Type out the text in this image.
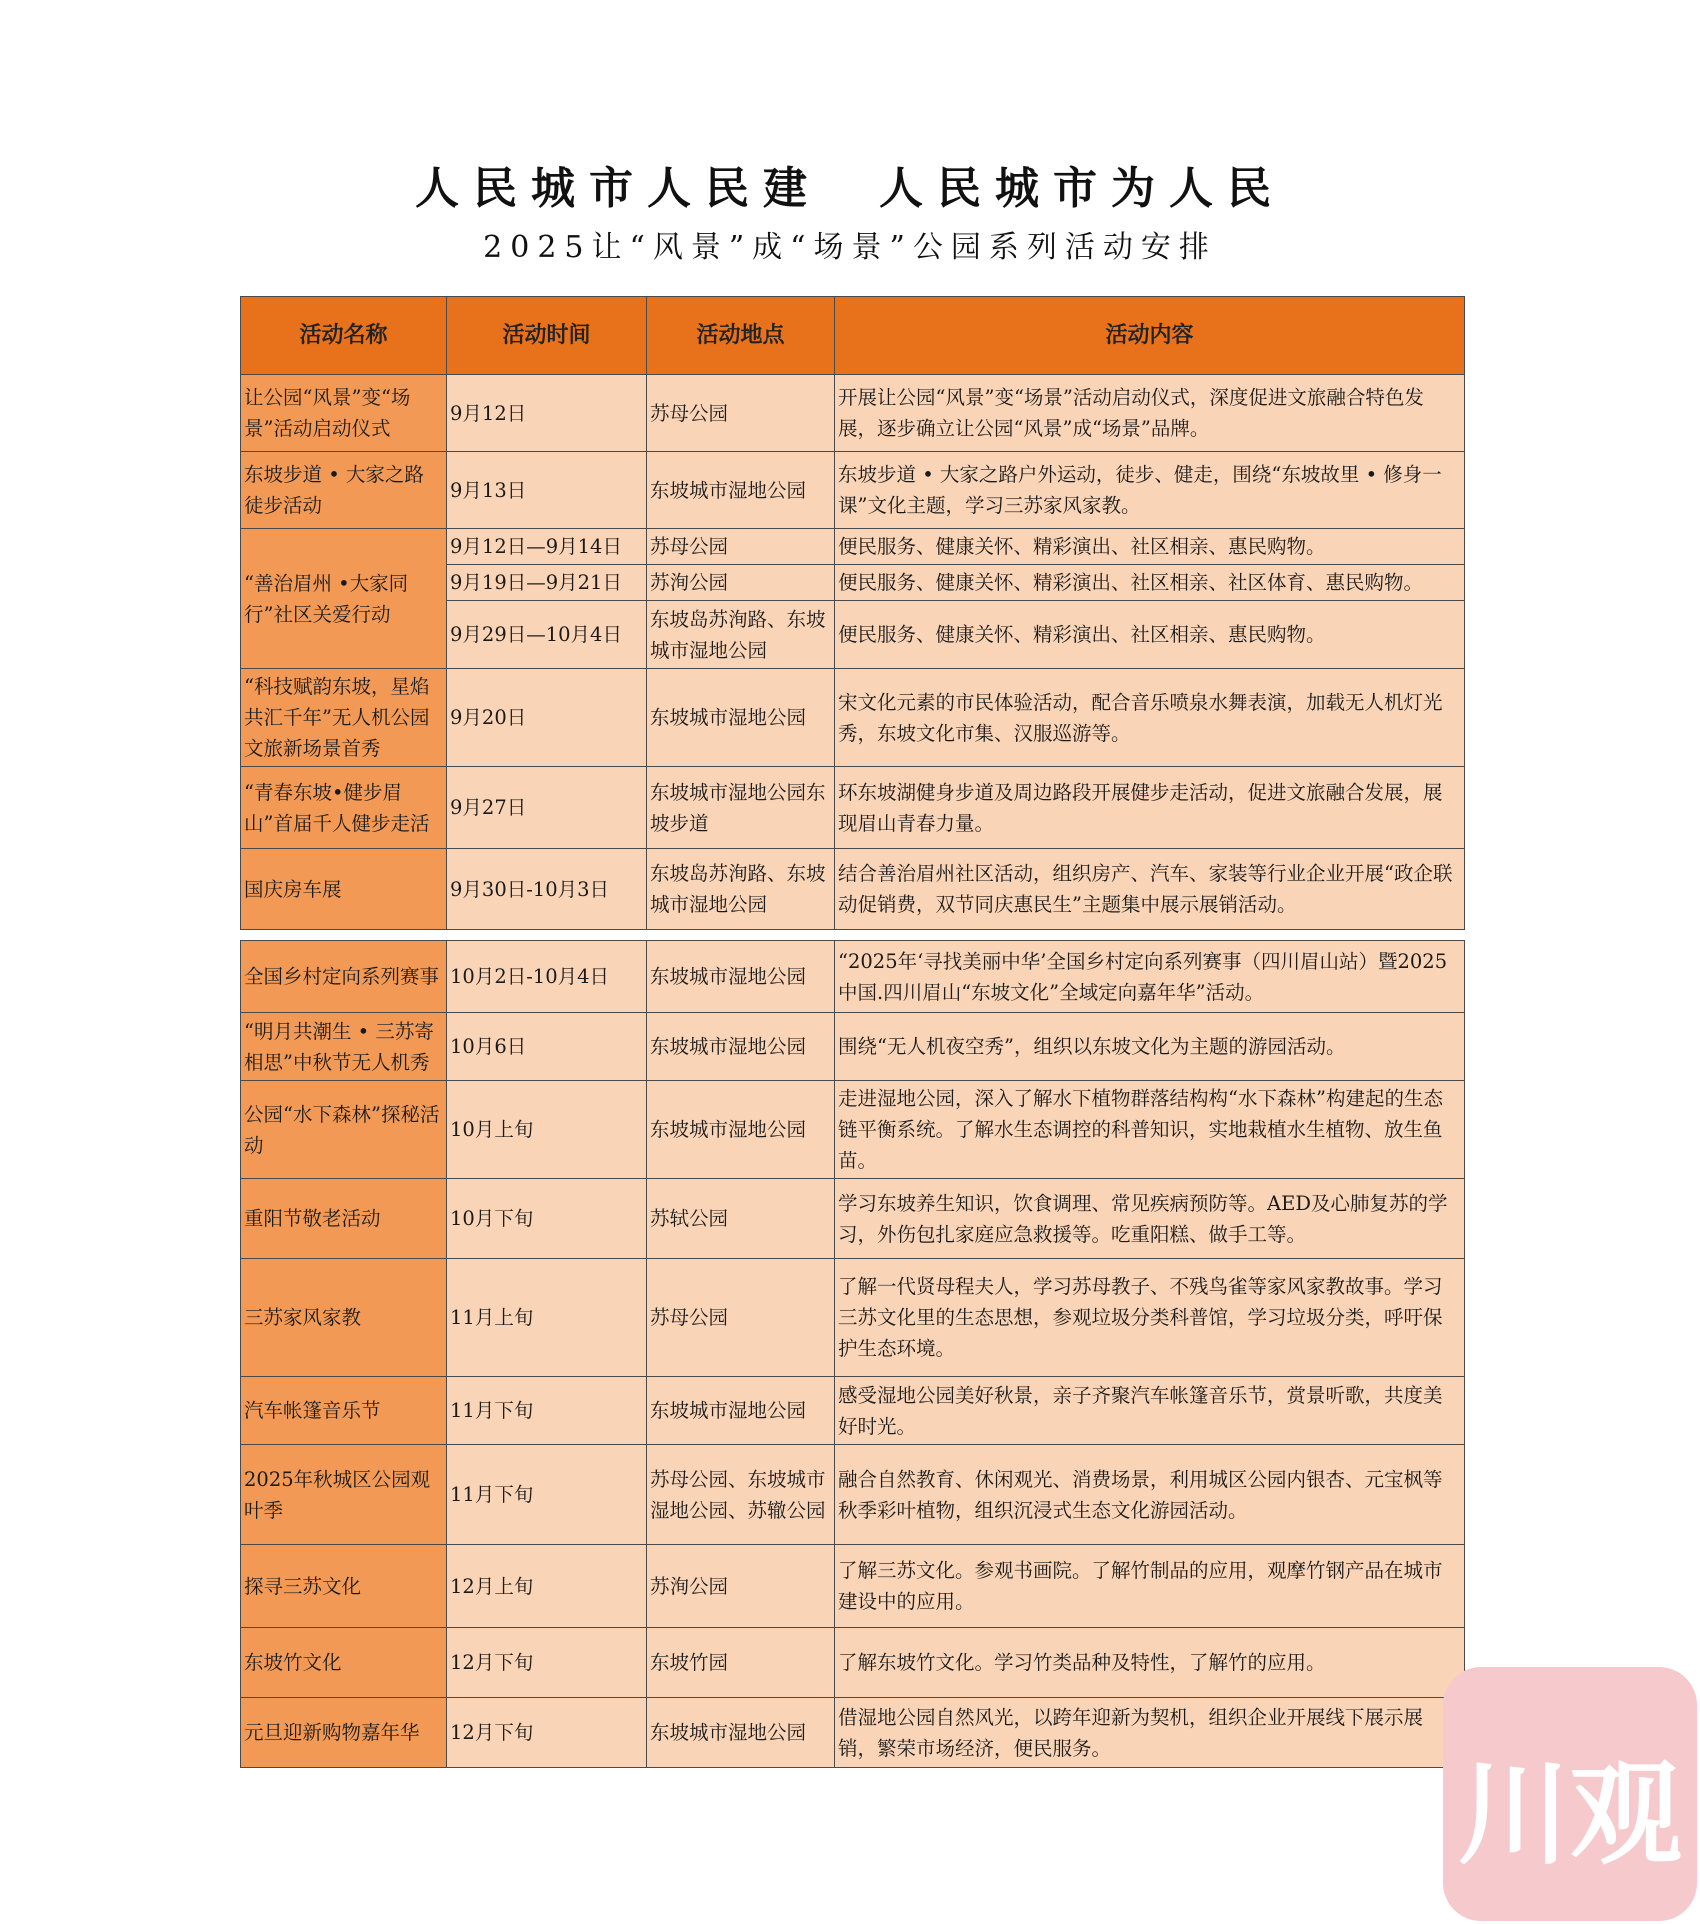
人民城市人民建　人民城市为人民
2025让“风景”成“场景”公园系列活动安排
活动名称	活动时间	活动地点	活动内容
让公园“风景”变“场景”活动启动仪式	9月12日	苏母公园	开展让公园“风景”变“场景”活动启动仪式，深度促进文旅融合特色发展，逐步确立让公园“风景”成“场景”品牌。
东坡步道 • 大家之路徒步活动	9月13日	东坡城市湿地公园	东坡步道 • 大家之路户外运动，徒步、健走，围绕“东坡故里 • 修身一课”文化主题，学习三苏家风家教。
“善治眉州 •大家同行”社区关爱行动	9月12日—9月14日	苏母公园	便民服务、健康关怀、精彩演出、社区相亲、惠民购物。
	9月19日—9月21日	苏洵公园	便民服务、健康关怀、精彩演出、社区相亲、社区体育、惠民购物。
	9月29日—10月4日	东坡岛苏洵路、东坡城市湿地公园	便民服务、健康关怀、精彩演出、社区相亲、惠民购物。
“科技赋韵东坡，星焰共汇千年”无人机公园文旅新场景首秀	9月20日	东坡城市湿地公园	宋文化元素的市民体验活动，配合音乐喷泉水舞表演，加载无人机灯光秀，东坡文化市集、汉服巡游等。
“青春东坡•健步眉山”首届千人健步走活	9月27日	东坡城市湿地公园东坡步道	环东坡湖健身步道及周边路段开展健步走活动，促进文旅融合发展，展现眉山青春力量。
国庆房车展	9月30日-10月3日	东坡岛苏洵路、东坡城市湿地公园	结合善治眉州社区活动，组织房产、汽车、家装等行业企业开展“政企联动促销费，双节同庆惠民生”主题集中展示展销活动。
全国乡村定向系列赛事	10月2日-10月4日	东坡城市湿地公园	“2025年‘寻找美丽中华’全国乡村定向系列赛事（四川眉山站）暨2025中国.四川眉山“东坡文化”全域定向嘉年华”活动。
“明月共潮生 • 三苏寄相思”中秋节无人机秀	10月6日	东坡城市湿地公园	围绕“无人机夜空秀”，组织以东坡文化为主题的游园活动。
公园“水下森林”探秘活动	10月上旬	东坡城市湿地公园	走进湿地公园，深入了解水下植物群落结构构“水下森林”构建起的生态链平衡系统。了解水生态调控的科普知识，实地栽植水生植物、放生鱼苗。
重阳节敬老活动	10月下旬	苏轼公园	学习东坡养生知识，饮食调理、常见疾病预防等。AED及心肺复苏的学习，外伤包扎家庭应急救援等。吃重阳糕、做手工等。
三苏家风家教	11月上旬	苏母公园	了解一代贤母程夫人，学习苏母教子、不残鸟雀等家风家教故事。学习三苏文化里的生态思想，参观垃圾分类科普馆，学习垃圾分类，呼吁保护生态环境。
汽车帐篷音乐节	11月下旬	东坡城市湿地公园	感受湿地公园美好秋景，亲子齐聚汽车帐篷音乐节，赏景听歌，共度美好时光。
2025年秋城区公园观叶季	11月下旬	苏母公园、东坡城市湿地公园、苏辙公园	融合自然教育、休闲观光、消费场景，利用城区公园内银杏、元宝枫等秋季彩叶植物，组织沉浸式生态文化游园活动。
探寻三苏文化	12月上旬	苏洵公园	了解三苏文化。参观书画院。了解竹制品的应用，观摩竹钢产品在城市建设中的应用。
东坡竹文化	12月下旬	东坡竹园	了解东坡竹文化。学习竹类品种及特性，了解竹的应用。
元旦迎新购物嘉年华	12月下旬	东坡城市湿地公园	借湿地公园自然风光，以跨年迎新为契机，组织企业开展线下展示展销，繁荣市场经济，便民服务。
川观
